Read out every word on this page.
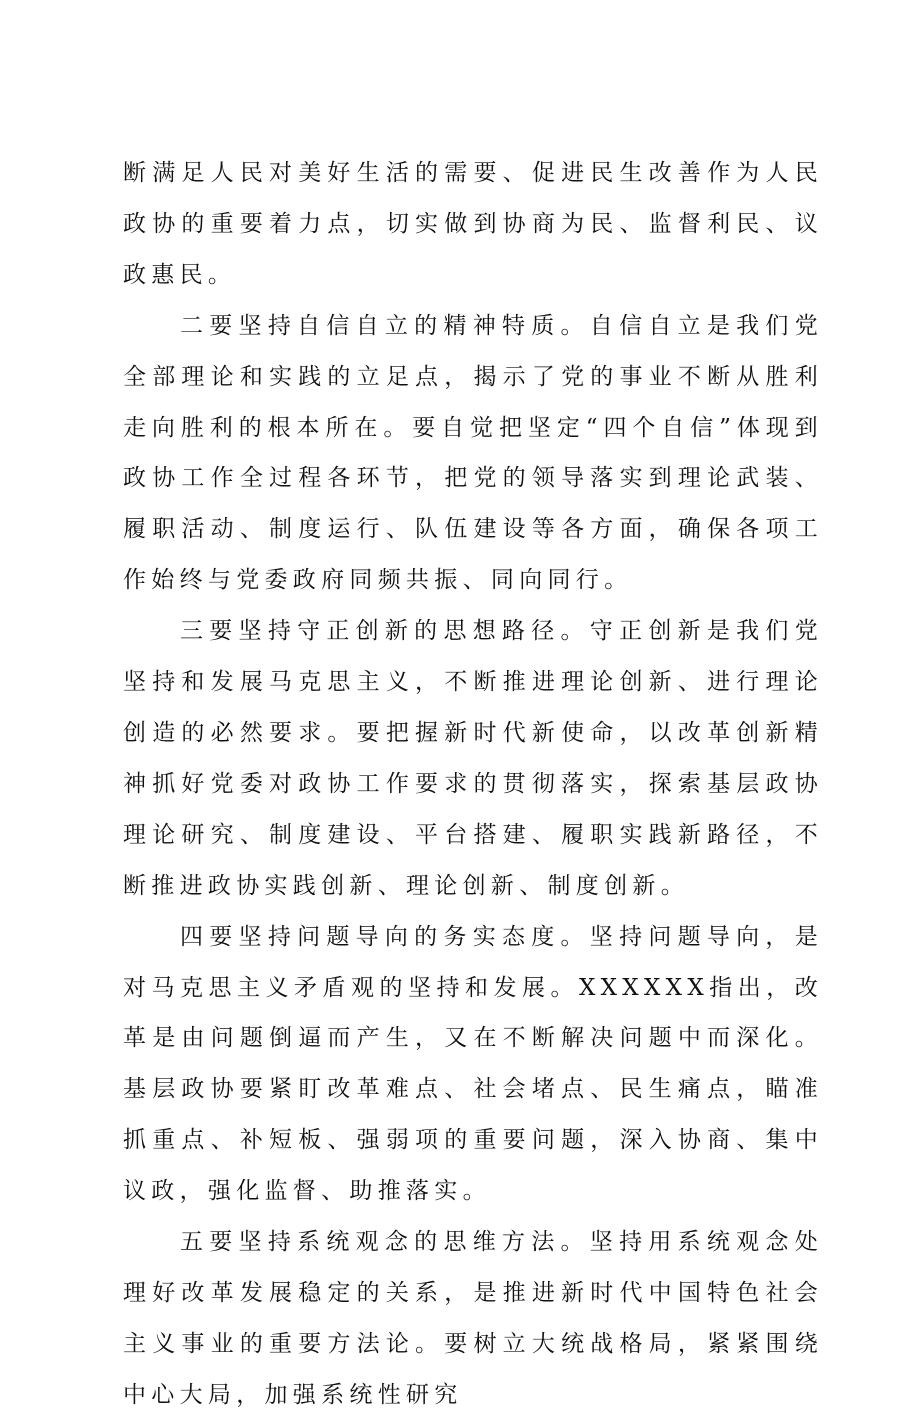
断满足人民对美好生活的需要、促进民生改善作为人民政协的重要着力点，切实做到协商为民、监督利民、议政惠民。

二要坚持自信自立的精神特质。自信自立是我们党全部理论和实践的立足点，揭示了党的事业不断从胜利走向胜利的根本所在。要自觉把坚定“四个自信”体现到政协工作全过程各环节，把党的领导落实到理论武装、履职活动、制度运行、队伍建设等各方面，确保各项工作始终与党委政府同频共振、同向同行。

三要坚持守正创新的思想路径。守正创新是我们党坚持和发展马克思主义，不断推进理论创新、进行理论创造的必然要求。要把握新时代新使命，以改革创新精神抓好党委对政协工作要求的贯彻落实，探索基层政协理论研究、制度建设、平台搭建、履职实践新路径，不断推进政协实践创新、理论创新、制度创新。

四要坚持问题导向的务实态度。坚持问题导向，是对马克思主义矛盾观的坚持和发展。XXXXXX指出，改革是由问题倒逼而产生，又在不断解决问题中而深化。基层政协要紧盯改革难点、社会堵点、民生痛点，瞄准抓重点、补短板、强弱项的重要问题，深入协商、集中议政，强化监督、助推落实。

五要坚持系统观念的思维方法。坚持用系统观念处理好改革发展稳定的关系，是推进新时代中国特色社会主义事业的重要方法论。要树立大统战格局，紧紧围绕中心大局，加强系统性研究
